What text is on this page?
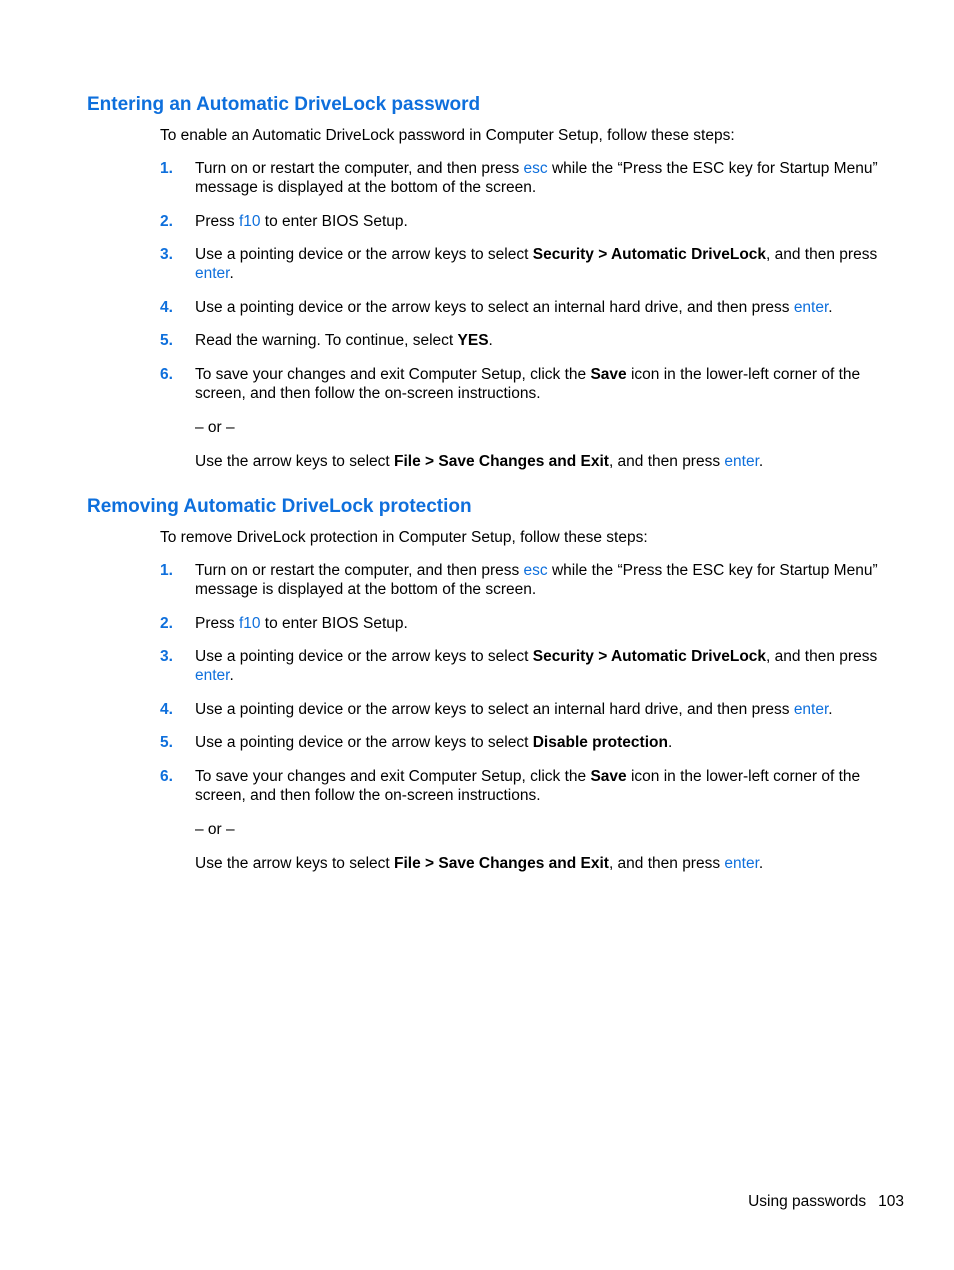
Entering an Automatic DriveLock password

To enable an Automatic DriveLock password in Computer Setup, follow these steps:

1. Turn on or restart the computer, and then press esc while the “Press the ESC key for Startup Menu” message is displayed at the bottom of the screen.
2. Press f10 to enter BIOS Setup.
3. Use a pointing device or the arrow keys to select Security > Automatic DriveLock, and then press enter.
4. Use a pointing device or the arrow keys to select an internal hard drive, and then press enter.
5. Read the warning. To continue, select YES.
6. To save your changes and exit Computer Setup, click the Save icon in the lower-left corner of the screen, and then follow the on-screen instructions.
– or –
Use the arrow keys to select File > Save Changes and Exit, and then press enter.
Removing Automatic DriveLock protection

To remove DriveLock protection in Computer Setup, follow these steps:

1. Turn on or restart the computer, and then press esc while the “Press the ESC key for Startup Menu” message is displayed at the bottom of the screen.
2. Press f10 to enter BIOS Setup.
3. Use a pointing device or the arrow keys to select Security > Automatic DriveLock, and then press enter.
4. Use a pointing device or the arrow keys to select an internal hard drive, and then press enter.
5. Use a pointing device or the arrow keys to select Disable protection.
6. To save your changes and exit Computer Setup, click the Save icon in the lower-left corner of the screen, and then follow the on-screen instructions.
– or –
Use the arrow keys to select File > Save Changes and Exit, and then press enter.
Using passwords 103
